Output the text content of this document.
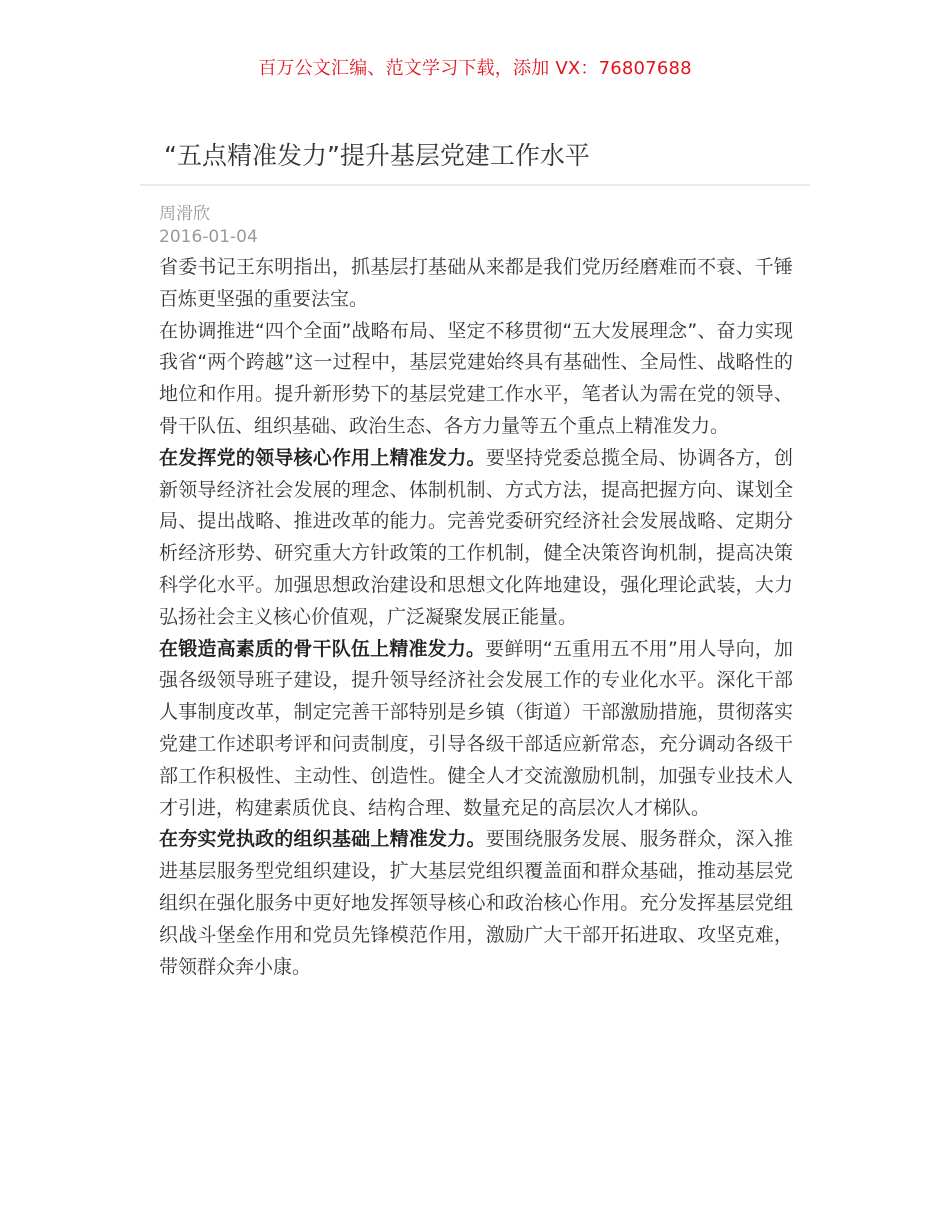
百万公文汇编、范文学习下载，添加 VX：76807688
“五点精准发力”提升基层党建工作水平
周滑欣
2016-01-04

省委书记王东明指出，抓基层打基础从来都是我们党历经磨难而不衰、千锤百炼更坚强的重要法宝。

在协调推进“四个全面”战略布局、坚定不移贯彻“五大发展理念”、奋力实现我省“两个跨越”这一过程中，基层党建始终具有基础性、全局性、战略性的地位和作用。提升新形势下的基层党建工作水平，笔者认为需在党的领导、骨干队伍、组织基础、政治生态、各方力量等五个重点上精准发力。

在发挥党的领导核心作用上精准发力。要坚持党委总揽全局、协调各方，创新领导经济社会发展的理念、体制机制、方式方法，提高把握方向、谋划全局、提出战略、推进改革的能力。完善党委研究经济社会发展战略、定期分析经济形势、研究重大方针政策的工作机制，健全决策咨询机制，提高决策科学化水平。加强思想政治建设和思想文化阵地建设，强化理论武装，大力弘扬社会主义核心价值观，广泛凝聚发展正能量。

在锻造高素质的骨干队伍上精准发力。要鲜明“五重用五不用”用人导向，加强各级领导班子建设，提升领导经济社会发展工作的专业化水平。深化干部人事制度改革，制定完善干部特别是乡镇（街道）干部激励措施，贯彻落实党建工作述职考评和问责制度，引导各级干部适应新常态，充分调动各级干部工作积极性、主动性、创造性。健全人才交流激励机制，加强专业技术人才引进，构建素质优良、结构合理、数量充足的高层次人才梯队。

在夯实党执政的组织基础上精准发力。要围绕服务发展、服务群众，深入推进基层服务型党组织建设，扩大基层党组织覆盖面和群众基础，推动基层党组织在强化服务中更好地发挥领导核心和政治核心作用。充分发挥基层党组织战斗堡垒作用和党员先锋模范作用，激励广大干部开拓进取、攻坚克难，带领群众奔小康。
